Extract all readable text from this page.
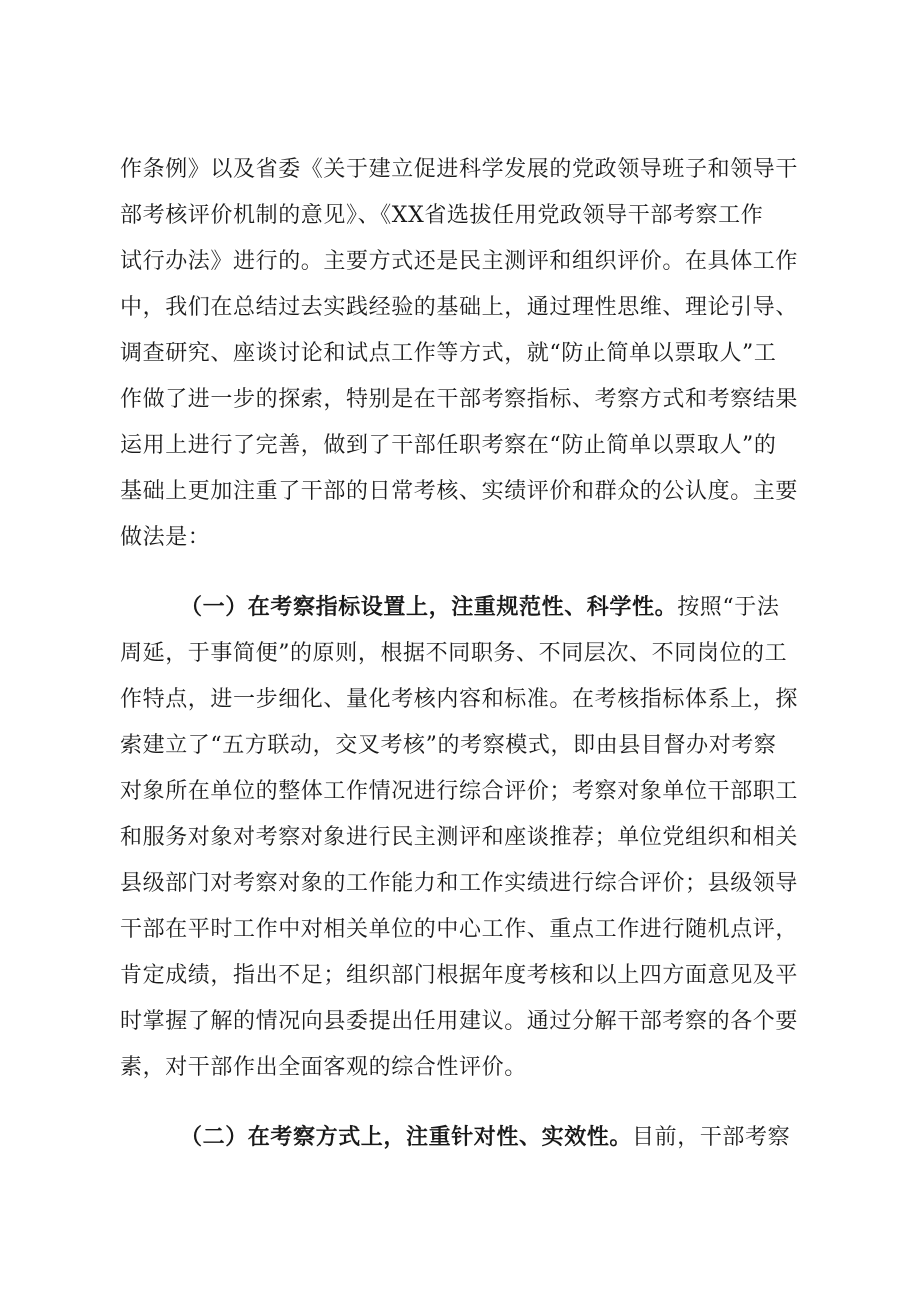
作条例》以及省委《关于建立促进科学发展的党政领导班子和领导干
部考核评价机制的意见》、《XX省选拔任用党政领导干部考察工作
试行办法》进行的。主要方式还是民主测评和组织评价。在具体工作
中，我们在总结过去实践经验的基础上，通过理性思维、理论引导、
调查研究、座谈讨论和试点工作等方式，就“防止简单以票取人”工
作做了进一步的探索，特别是在干部考察指标、考察方式和考察结果
运用上进行了完善，做到了干部任职考察在“防止简单以票取人”的
基础上更加注重了干部的日常考核、实绩评价和群众的公认度。主要
做法是：
（一）在考察指标设置上，注重规范性、科学性。按照“于法
周延，于事简便”的原则，根据不同职务、不同层次、不同岗位的工
作特点，进一步细化、量化考核内容和标准。在考核指标体系上，探
索建立了“五方联动，交叉考核”的考察模式，即由县目督办对考察
对象所在单位的整体工作情况进行综合评价；考察对象单位干部职工
和服务对象对考察对象进行民主测评和座谈推荐；单位党组织和相关
县级部门对考察对象的工作能力和工作实绩进行综合评价；县级领导
干部在平时工作中对相关单位的中心工作、重点工作进行随机点评，
肯定成绩，指出不足；组织部门根据年度考核和以上四方面意见及平
时掌握了解的情况向县委提出任用建议。通过分解干部考察的各个要
素，对干部作出全面客观的综合性评价。
（二）在考察方式上，注重针对性、实效性。目前，干部考察
